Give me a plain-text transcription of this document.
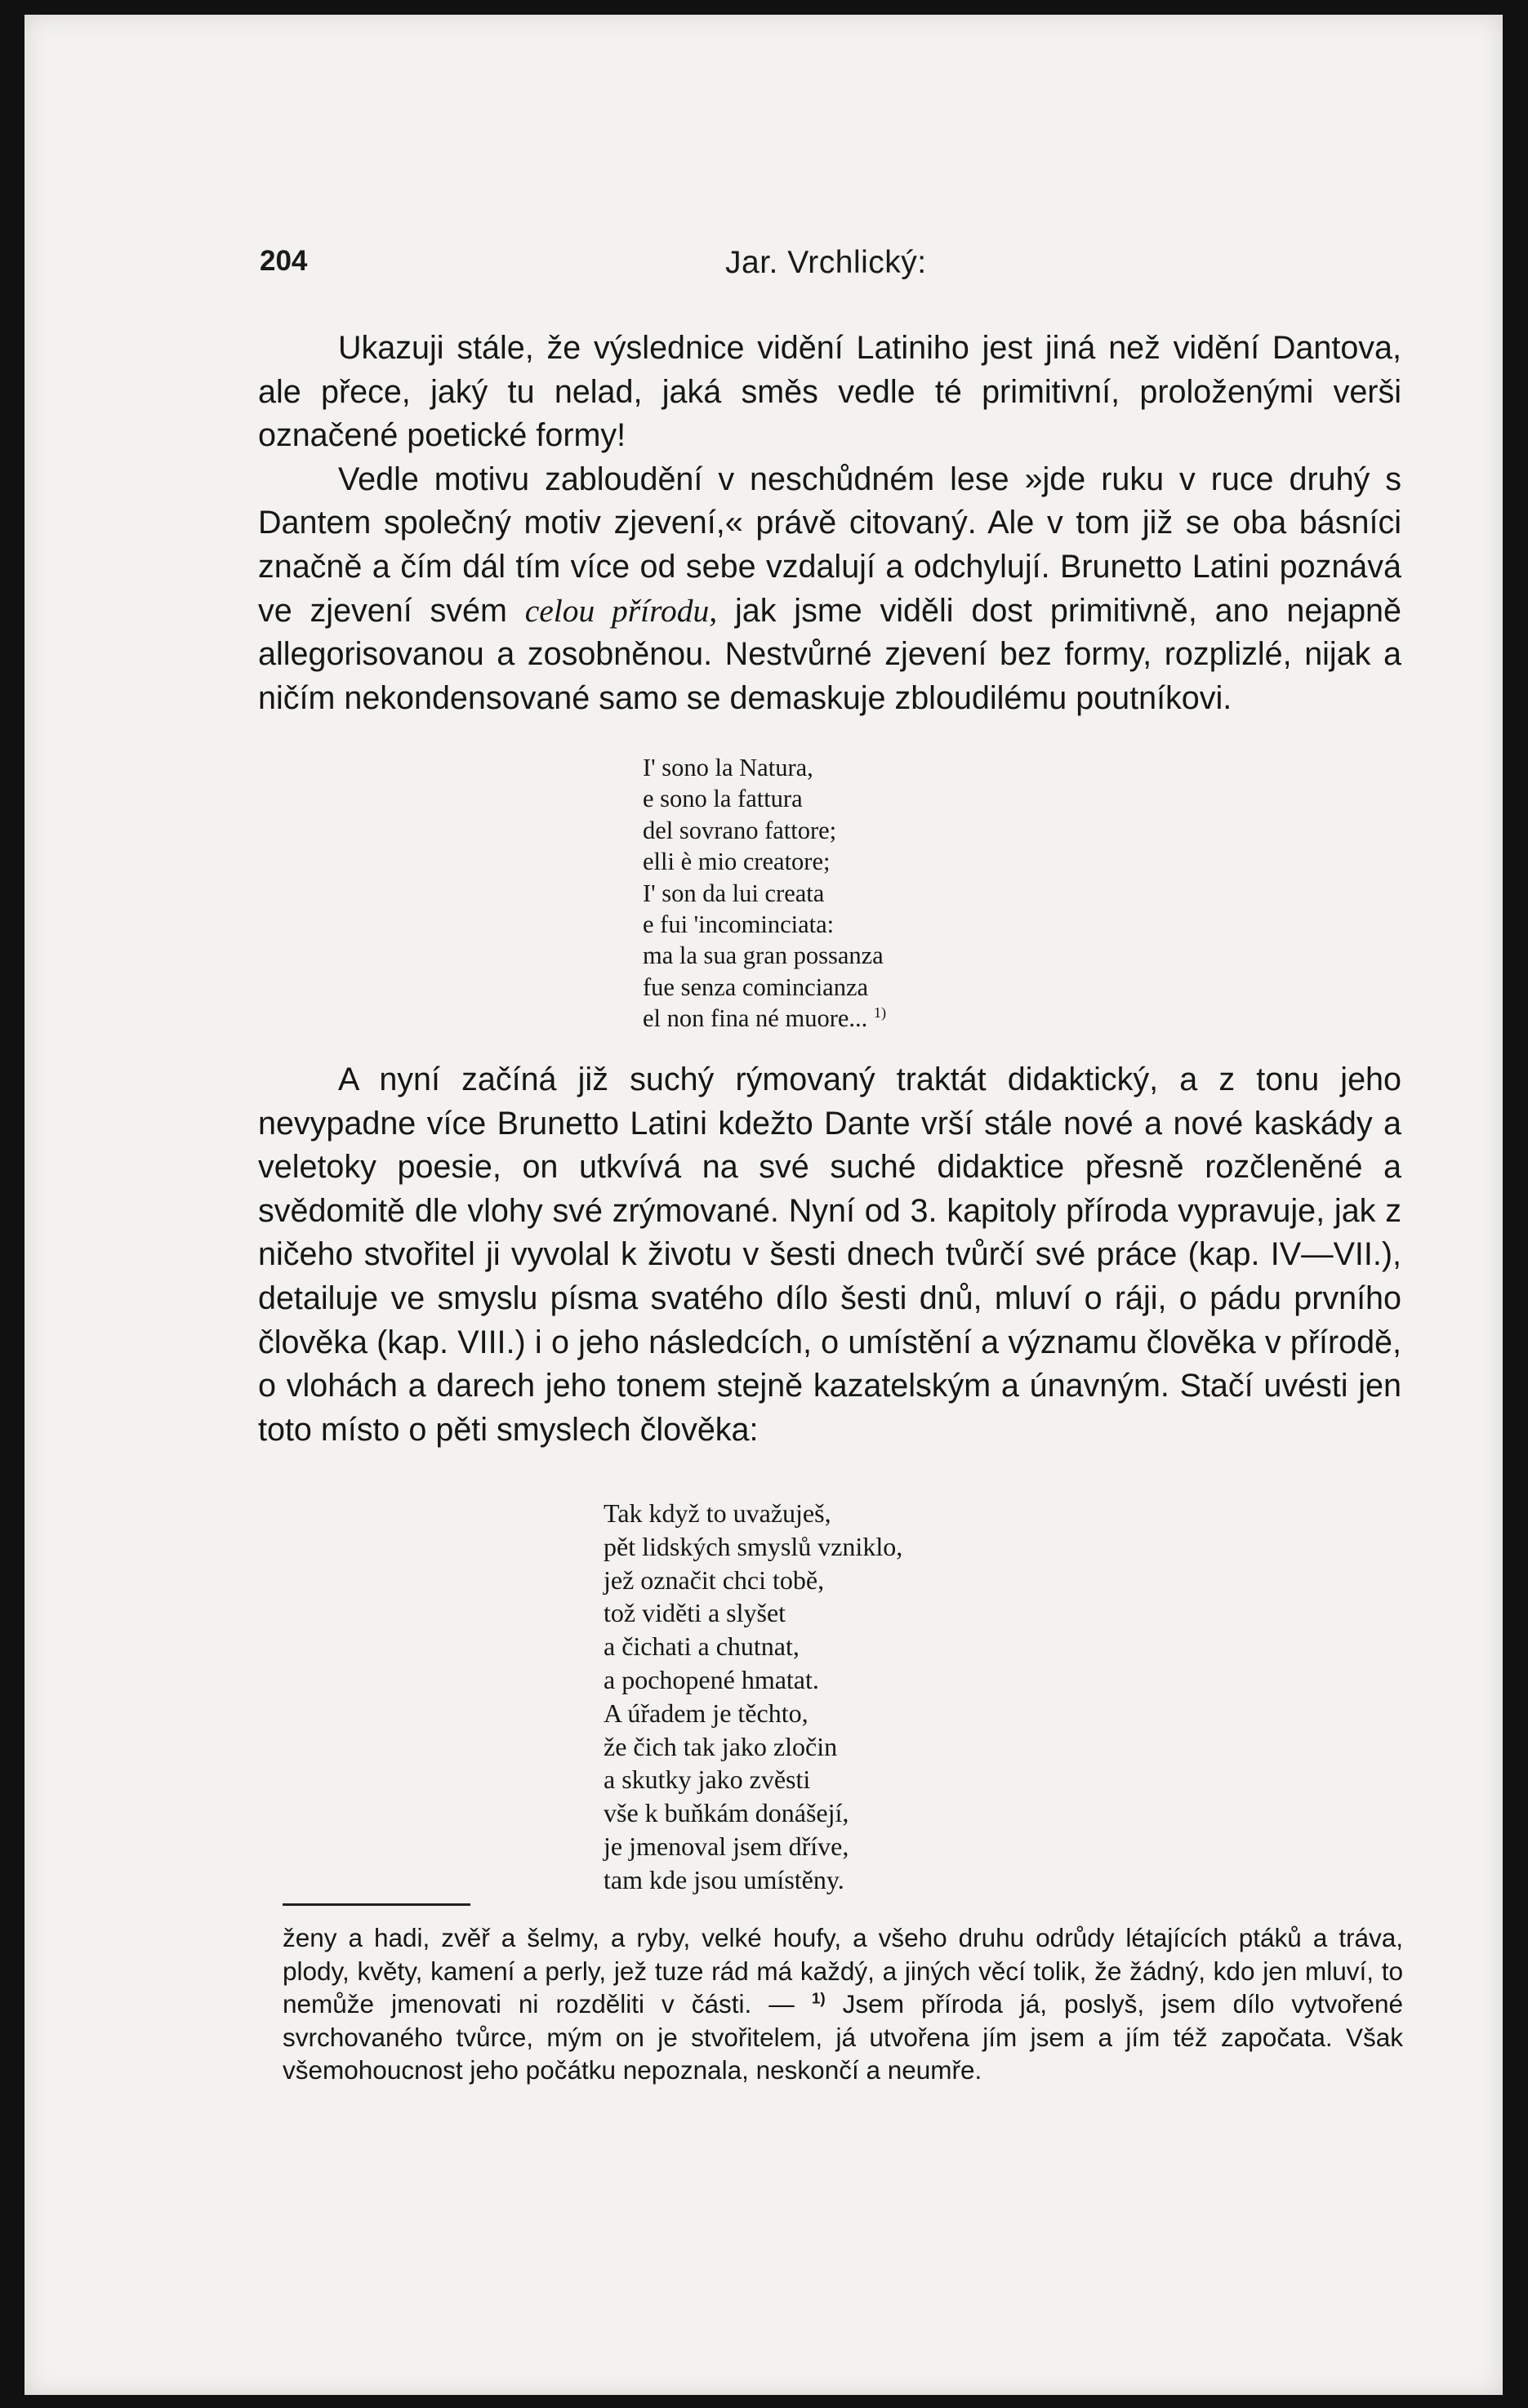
204	Jar. Vrchlický:

Ukazuji stále, že výslednice vidění Latiniho jest jiná než vidění Dantova, ale přece, jaký tu nelad, jaká směs vedle té primitivní, proloženými verši označené poetické formy!

Vedle motivu zabloudění v neschůdném lese »jde ruku v ruce druhý s Dantem společný motiv zjevení,« právě citovaný. Ale v tom již se oba básníci značně a čím dál tím více od sebe vzdalují a odchylují. Brunetto Latini poznává ve zjevení svém celou přírodu, jak jsme viděli dost primitivně, ano nejapně allegorisovanou a zosobněnou. Nestvůrné zjevení bez formy, rozplizlé, nijak a ničím nekondensované samo se demaskuje zbloudilému poutníkovi.

I' sono la Natura,
e sono la fattura
del sovrano fattore;
elli è mio creatore;
I' son da lui creata
e fui 'incominciata:
ma la sua gran possanza
fue senza comincianza
el non fina né muore... $^{1)}$

A nyní začíná již suchý rýmovaný traktát didaktický, a z tonu jeho nevypadne více Brunetto Latini kdežto Dante vrší stále nové a nové kaskády a veletoky poesie, on utkvívá na své suché didaktice přesně rozčleněné a svědomitě dle vlohy své zrýmované. Nyní od 3. kapitoly příroda vypravuje, jak z ničeho stvořitel ji vyvolal k životu v šesti dnech tvůrčí své práce (kap. IV—VII.), detailuje ve smyslu písma svatého dílo šesti dnů, mluví o ráji, o pádu prvního člověka (kap. VIII.) i o jeho následcích, o umístění a významu člověka v přírodě, o vlohách a darech jeho tonem stejně kazatelským a únavným. Stačí uvésti jen toto místo o pěti smyslech člověka:

Tak když to uvažuješ,
pět lidských smyslů vzniklo,
jež označit chci tobě,
tož viděti a slyšet
a čichati a chutnat,
a pochopené hmatat.
A úřadem je těchto,
že čich tak jako zločin
a skutky jako zvěsti
vše k buňkám donášejí,
je jmenoval jsem dříve,
tam kde jsou umístěny.

ženy a hadi, zvěř a šelmy, a ryby, velké houfy, a všeho druhu odrůdy létajících ptáků a tráva, plody, květy, kamení a perly, jež tuze rád má každý, a jiných věcí tolik, že žádný, kdo jen mluví, to nemůže jmenovati ni rozděliti v části. — $^{1)}$ Jsem příroda já, poslyš, jsem dílo vytvořené svrchovaného tvůrce, mým on je stvořitelem, já utvořena jím jsem a jím též započata. Však všemohoucnost jeho počátku nepoznala, neskončí a neumře.
